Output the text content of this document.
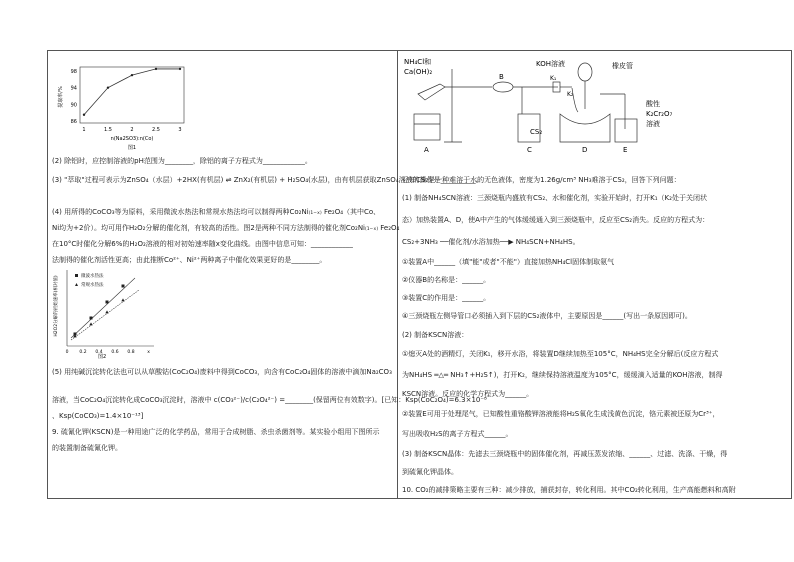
提取率/%
98
94
90
86
1	1.5	2	2.5	3
n(Na2SO3):n(Co)
图1
(2) 除铝时，应控制溶液的pH范围为________，除铝的离子方程式为____________。
(3) "萃取"过程可表示为ZnSO₄（水层）+2HX(有机层) ⇌ ZnX₂(有机层) + H₂SO₄(水层)，由有机层获取ZnSO₄溶液的操作是__________。
(4) 用所得的CoCO₃等为原料，采用微波水热法和常规水热法均可以制得两种Co₂Ni₍₁₋ₓ₎ Fe₂O₄（其中Co、
Ni均为+2价）。均可用作H₂O₂分解的催化剂，有较高的活性。图2是两种不同方法制得的催化剂Co₂Ni₍₁₋ₓ₎ Fe₂O₄
在10°C时催化分解6%的H₂O₂溶液的相对初始速率随x变化曲线。由图中信息可知：____________
法制得的催化剂活性更高；由此推断Co²⁺、Ni²⁺两种离子中催化效果更好的是________。
H2O2分解的初始速率(相对值)	微波水热法
常规水热法
0 0.2 0.4 0.6 0.8	x
图2
(5) 用纯碱沉淀转化法也可以从草酸钴(CoC₂O₄)废料中得到CoCO₃，向含有CoC₂O₄固体的溶液中滴加Na₂CO₃
溶液，当CoC₂O₄沉淀转化成CoCO₃沉淀时，溶液中 c(CO₃²⁻)/c(C₂O₄²⁻) =________(保留两位有效数字)。[已知：Ksp(CoC₂O₄)=6.3×10⁻⁸
、Ksp(CoCO₃)=1.4×10⁻¹³]
9. 硫氰化钾(KSCN)是一种用途广泛的化学药品，常用于合成树脂、杀虫杀菌剂等。某实验小组用下图所示
的装置制备硫氰化钾。
NH₄Cl和
Ca(OH)₂
KOH溶液	橡皮管
K₁
K₂
酸性
K₂Cr₂O₇
溶液
CS₂
A
B
C	D	E
已知CS₂是一种难溶于水的无色液体，密度为1.26g/cm³ NH₃难溶于CS₂，回答下列问题：
(1) 制备NH₄SCN溶液：三颈烧瓶内盛放有CS₂、水和催化剂，实验开始时，打开K₁（K₂处于关闭状
态）加热装置A、D，使A中产生的气体缓缓通入到三颈烧瓶中，反应至CS₂消失。反应的方程式为：
CS₂+3NH₃ ──催化剂/水浴加热──▶ NH₄SCN+NH₄HS。
①装置A中______（填"能"或者"不能"）直接加热NH₄Cl固体制取氨气
②仪器B的名称是：______。
③装置C的作用是：______。
④三颈烧瓶左侧导管口必须插入到下层的CS₂液体中，主要原因是______(写出一条原因即可)。
(2) 制备KSCN溶液：
①熄灭A处的酒精灯，关闭K₁，移开水浴，将装置D继续加热至105°C，NH₄HS完全分解后(反应方程式
为NH₄HS ═△═ NH₃↑+H₂S↑)，打开K₂，继续保持溶液温度为105°C，缓缓滴入适量的KOH溶液，制得
KSCN溶液。反应的化学方程式为______。
②装置E可用于处理尾气，已知酸性重铬酸钾溶液能将H₂S氧化生成浅黄色沉淀，铬元素被还原为Cr³⁺，
写出吸收H₂S的离子方程式______。
(3) 制备KSCN晶体：先滤去三颈烧瓶中的固体催化剂，再减压蒸发浓缩、______、过滤、洗涤、干燥，得
到硫氰化钾晶体。
10. CO₂的减排策略主要有三种：减少排放，捕获封存，转化利用。其中CO₂转化利用，生产高能燃料和高附
